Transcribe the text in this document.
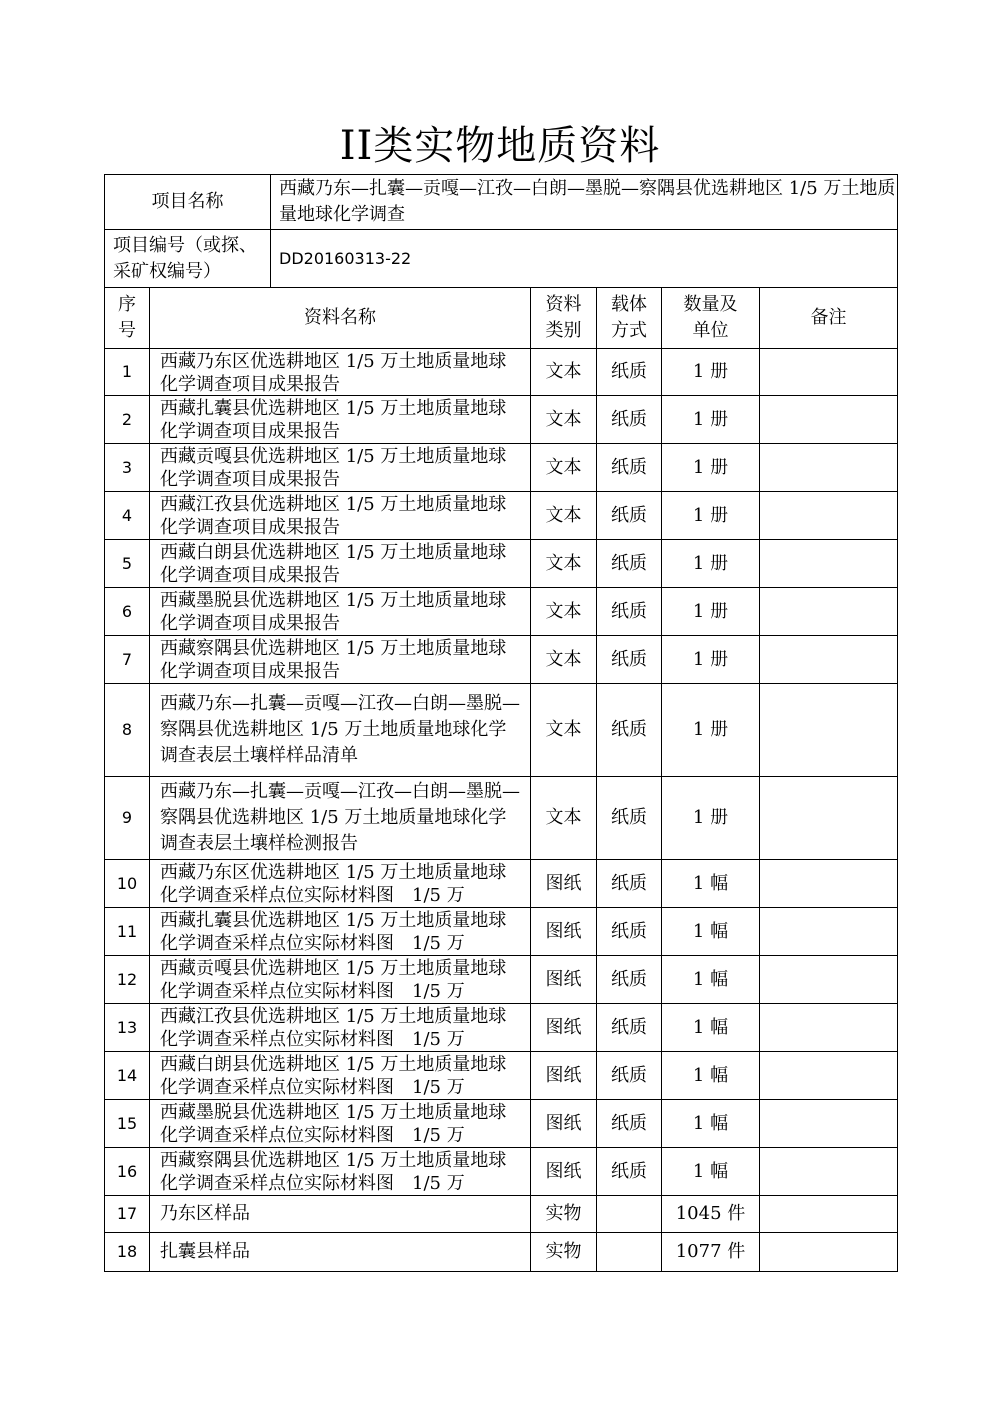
II类实物地质资料
项目名称		西藏乃东—扎囊—贡嘎—江孜—白朗—墨脱—察隅县优选耕地区 1/5 万土地质量地球化学调查				
项目编号（或探、采矿权编号）		DD20160313-22				
序号	资料名称		资料类别	载体方式	数量及单位	备注
1	西藏乃东区优选耕地区 1/5 万土地质量地球化学调查项目成果报告		文本	纸质	1 册	
2	西藏扎囊县优选耕地区 1/5 万土地质量地球化学调查项目成果报告		文本	纸质	1 册	
3	西藏贡嘎县优选耕地区 1/5 万土地质量地球化学调查项目成果报告		文本	纸质	1 册	
4	西藏江孜县优选耕地区 1/5 万土地质量地球化学调查项目成果报告		文本	纸质	1 册	
5	西藏白朗县优选耕地区 1/5 万土地质量地球化学调查项目成果报告		文本	纸质	1 册	
6	西藏墨脱县优选耕地区 1/5 万土地质量地球化学调查项目成果报告		文本	纸质	1 册	
7	西藏察隅县优选耕地区 1/5 万土地质量地球化学调查项目成果报告		文本	纸质	1 册	
8	西藏乃东—扎囊—贡嘎—江孜—白朗—墨脱—察隅县优选耕地区 1/5 万土地质量地球化学调查表层土壤样样品清单		文本	纸质	1 册	
9	西藏乃东—扎囊—贡嘎—江孜—白朗—墨脱—察隅县优选耕地区 1/5 万土地质量地球化学调查表层土壤样检测报告		文本	纸质	1 册	
10	西藏乃东区优选耕地区 1/5 万土地质量地球化学调查采样点位实际材料图　1/5 万		图纸	纸质	1 幅	
11	西藏扎囊县优选耕地区 1/5 万土地质量地球化学调查采样点位实际材料图　1/5 万		图纸	纸质	1 幅	
12	西藏贡嘎县优选耕地区 1/5 万土地质量地球化学调查采样点位实际材料图　1/5 万		图纸	纸质	1 幅	
13	西藏江孜县优选耕地区 1/5 万土地质量地球化学调查采样点位实际材料图　1/5 万		图纸	纸质	1 幅	
14	西藏白朗县优选耕地区 1/5 万土地质量地球化学调查采样点位实际材料图　1/5 万		图纸	纸质	1 幅	
15	西藏墨脱县优选耕地区 1/5 万土地质量地球化学调查采样点位实际材料图　1/5 万		图纸	纸质	1 幅	
16	西藏察隅县优选耕地区 1/5 万土地质量地球化学调查采样点位实际材料图　1/5 万		图纸	纸质	1 幅	
17	乃东区样品		实物		1045 件	
18	扎囊县样品		实物		1077 件	
